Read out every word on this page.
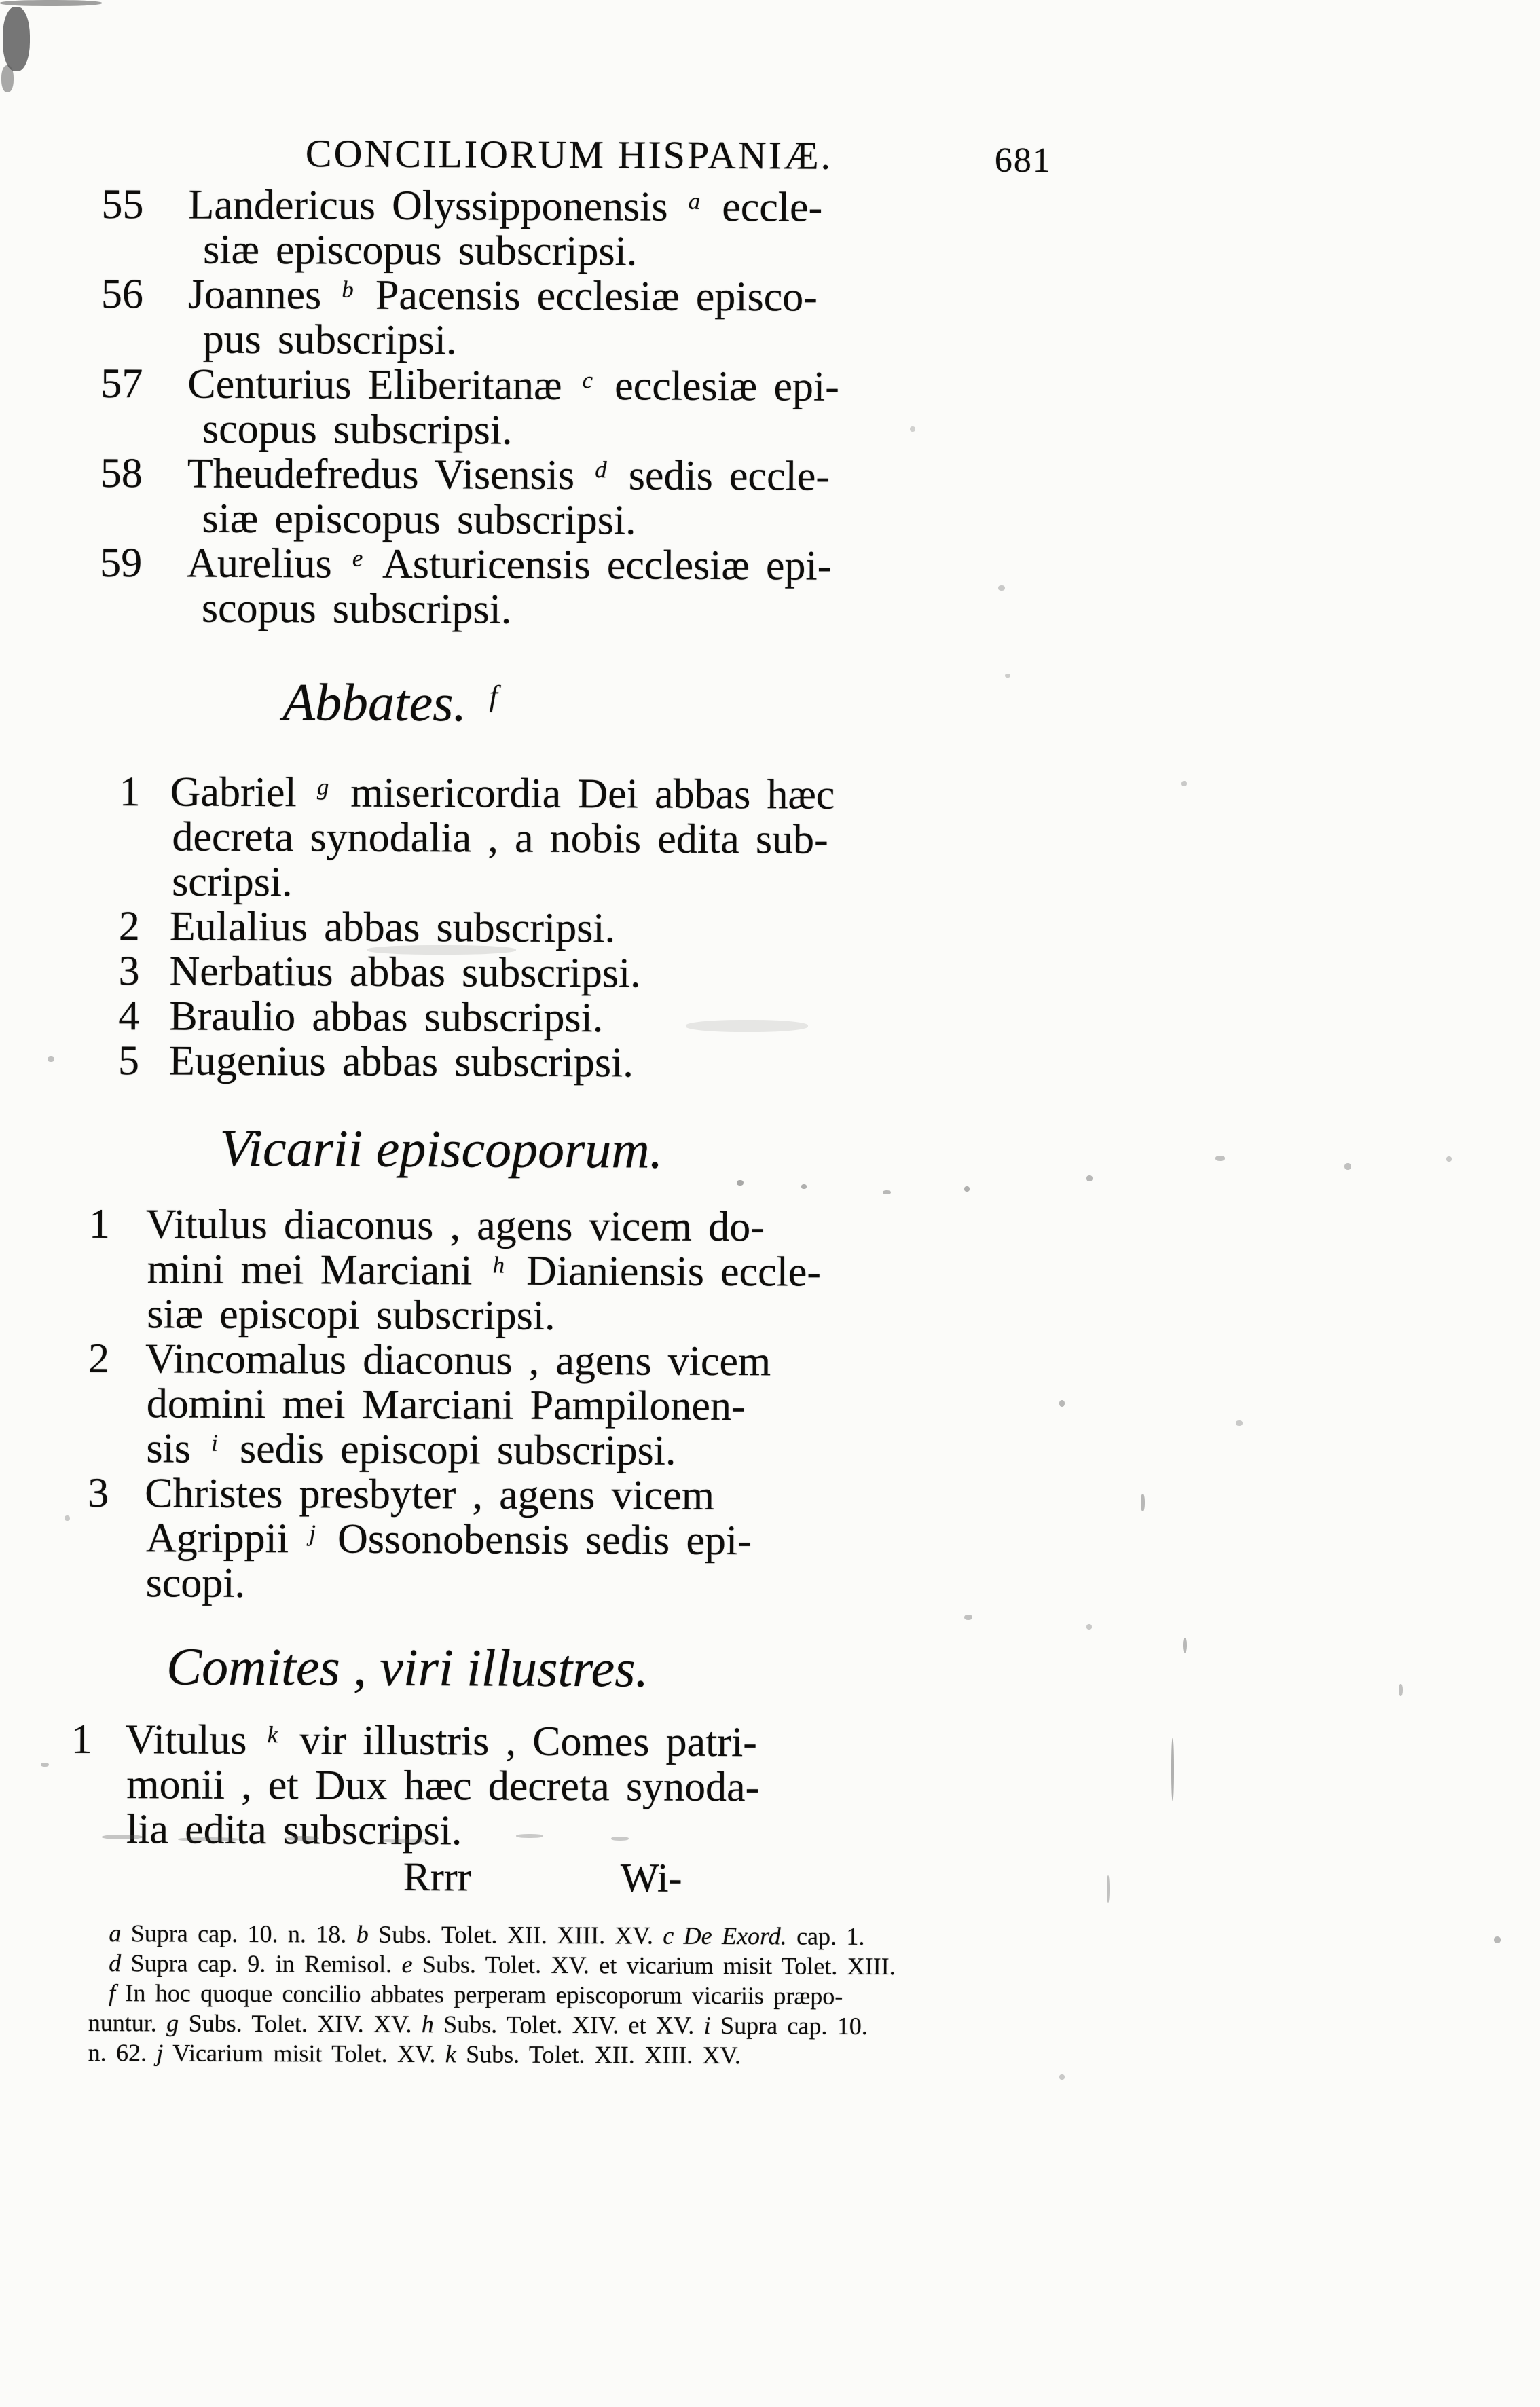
CONCILIORUM HISPANIÆ.	681
55 Landericus Olyssipponensis $^a$ eccle-
siæ episcopus subscripsi.
56 Joannes $^b$ Pacensis ecclesiæ episco-
pus subscripsi.
57 Centurius Eliberitanæ $^c$ ecclesiæ epi-
scopus subscripsi.
58 Theudefredus Visensis $^d$ sedis eccle-
siæ episcopus subscripsi.
59 Aurelius $^e$ Asturicensis ecclesiæ epi-
scopus subscripsi.
Abbates. $^f$
1 Gabriel $^g$ misericordia Dei abbas hæc
decreta synodalia , a nobis edita sub-
scripsi.
2 Eulalius abbas subscripsi.
3 Nerbatius abbas subscripsi.
4 Braulio abbas subscripsi.
5 Eugenius abbas subscripsi.
Vicarii episcoporum.
1 Vitulus diaconus , agens vicem do-
mini mei Marciani $^h$ Dianiensis eccle-
siæ episcopi subscripsi.
2 Vincomalus diaconus , agens vicem
domini mei Marciani Pampilonen-
sis $^i$ sedis episcopi subscripsi.
3 Christes presbyter , agens vicem
Agrippii $^j$ Ossonobensis sedis epi-
scopi.
Comites , viri illustres.
1 Vitulus $^k$ vir illustris , Comes patri-
monii , et Dux hæc decreta synoda-
lia edita subscripsi.
Rrrr	Wi-
a Supra cap. 10. n. 18. b Subs. Tolet. XII. XIII. XV. c De Exord. cap. 1.
d Supra cap. 9. in Remisol. e Subs. Tolet. XV. et vicarium misit Tolet. XIII.
f In hoc quoque concilio abbates perperam episcoporum vicariis præpo-
nuntur. g Subs. Tolet. XIV. XV. h Subs. Tolet. XIV. et XV. i Supra cap. 10.
n. 62. j Vicarium misit Tolet. XV. k Subs. Tolet. XII. XIII. XV.
